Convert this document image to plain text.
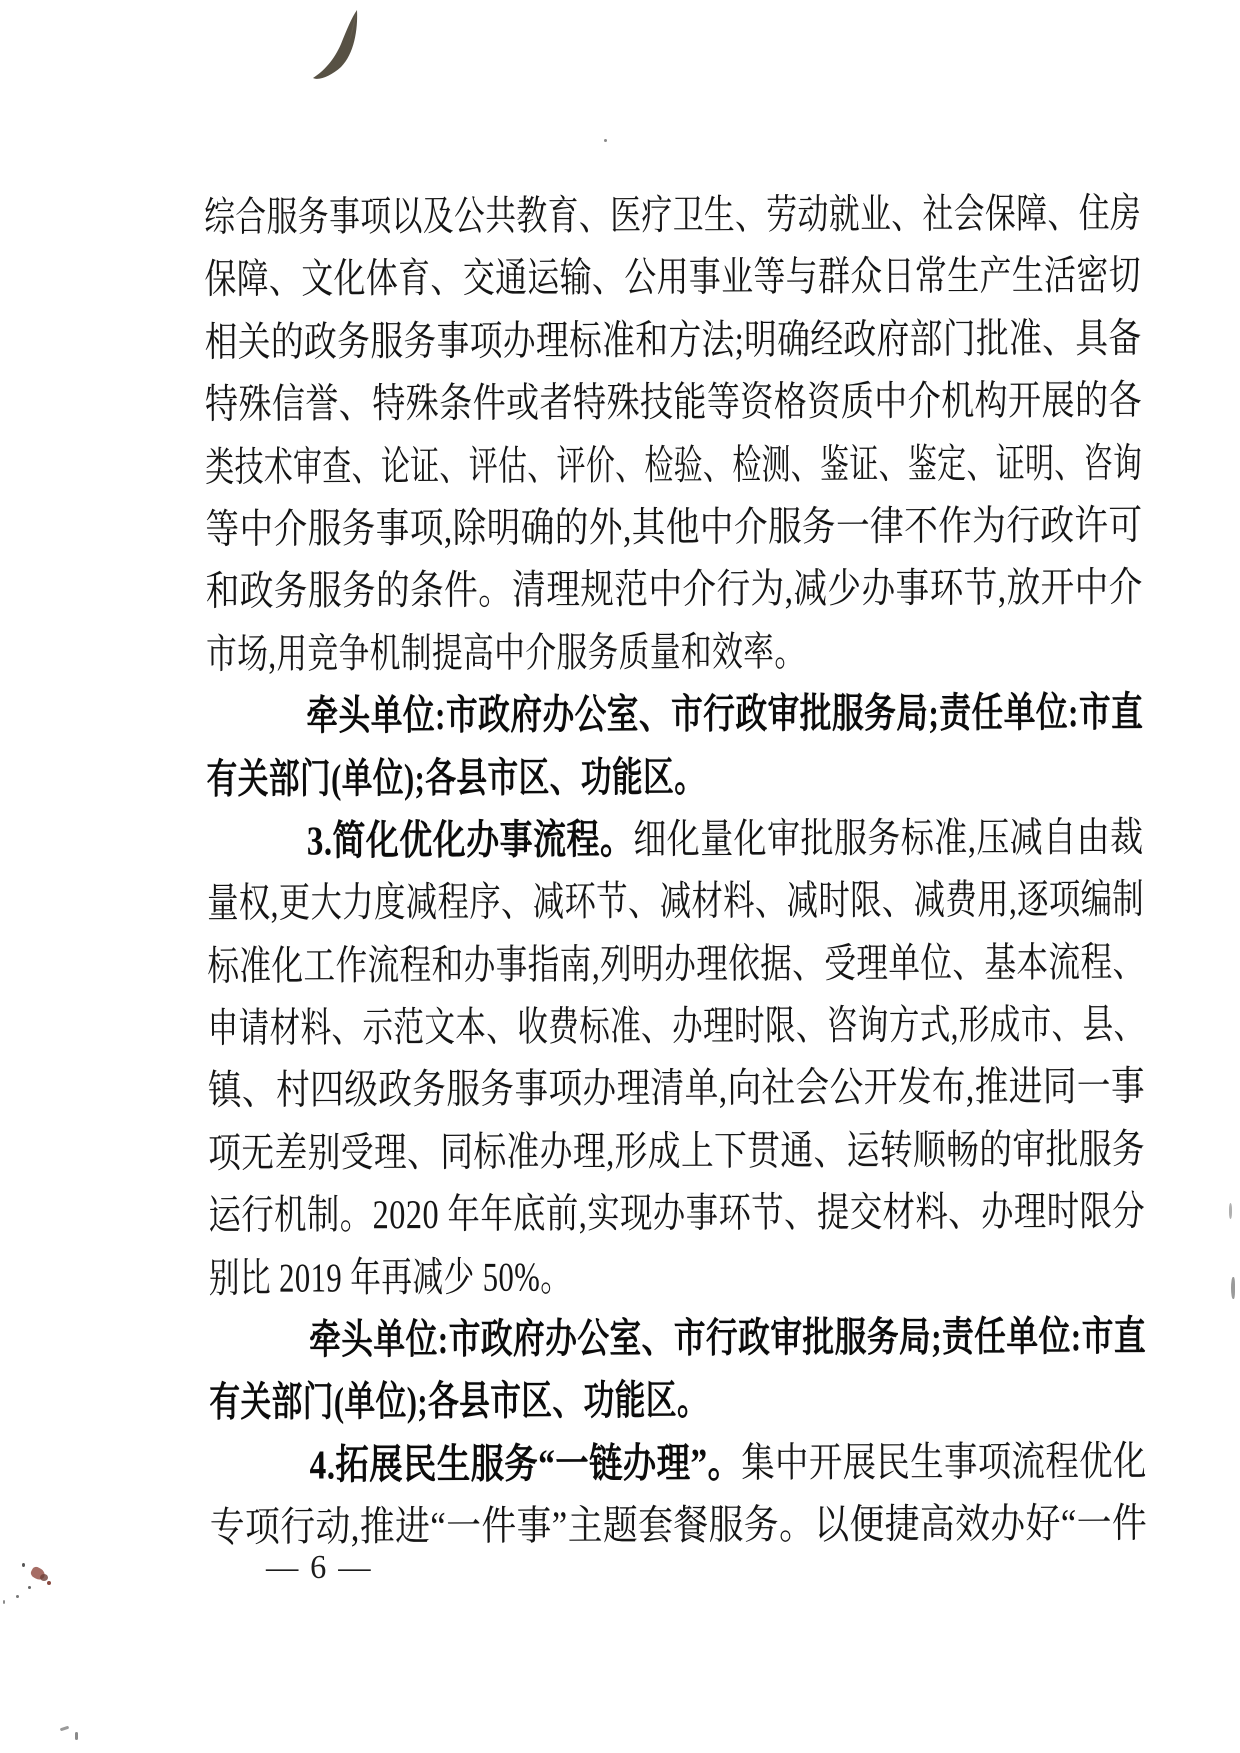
综合服务事项以及公共教育、医疗卫生、劳动就业、社会保障、住房
保障、文化体育、交通运输、公用事业等与群众日常生产生活密切
相关的政务服务事项办理标准和方法;明确经政府部门批准、具备
特殊信誉、特殊条件或者特殊技能等资格资质中介机构开展的各
类技术审查、论证、评估、评价、检验、检测、鉴证、鉴定、证明、咨询
等中介服务事项,除明确的外,其他中介服务一律不作为行政许可
和政务服务的条件。清理规范中介行为,减少办事环节,放开中介
市场,用竞争机制提高中介服务质量和效率。
牵头单位:市政府办公室、市行政审批服务局;责任单位:市直
有关部门(单位);各县市区、功能区。
3.简化优化办事流程。细化量化审批服务标准,压减自由裁
量权,更大力度减程序、减环节、减材料、减时限、减费用,逐项编制
标准化工作流程和办事指南,列明办理依据、受理单位、基本流程、
申请材料、示范文本、收费标准、办理时限、咨询方式,形成市、县、
镇、村四级政务服务事项办理清单,向社会公开发布,推进同一事
项无差别受理、同标准办理,形成上下贯通、运转顺畅的审批服务
运行机制。2020 年年底前,实现办事环节、提交材料、办理时限分
别比 2019 年再减少 50%。
牵头单位:市政府办公室、市行政审批服务局;责任单位:市直
有关部门(单位);各县市区、功能区。
4.拓展民生服务“一链办理”。集中开展民生事项流程优化
专项行动,推进“一件事”主题套餐服务。以便捷高效办好“一件
— 6 —
